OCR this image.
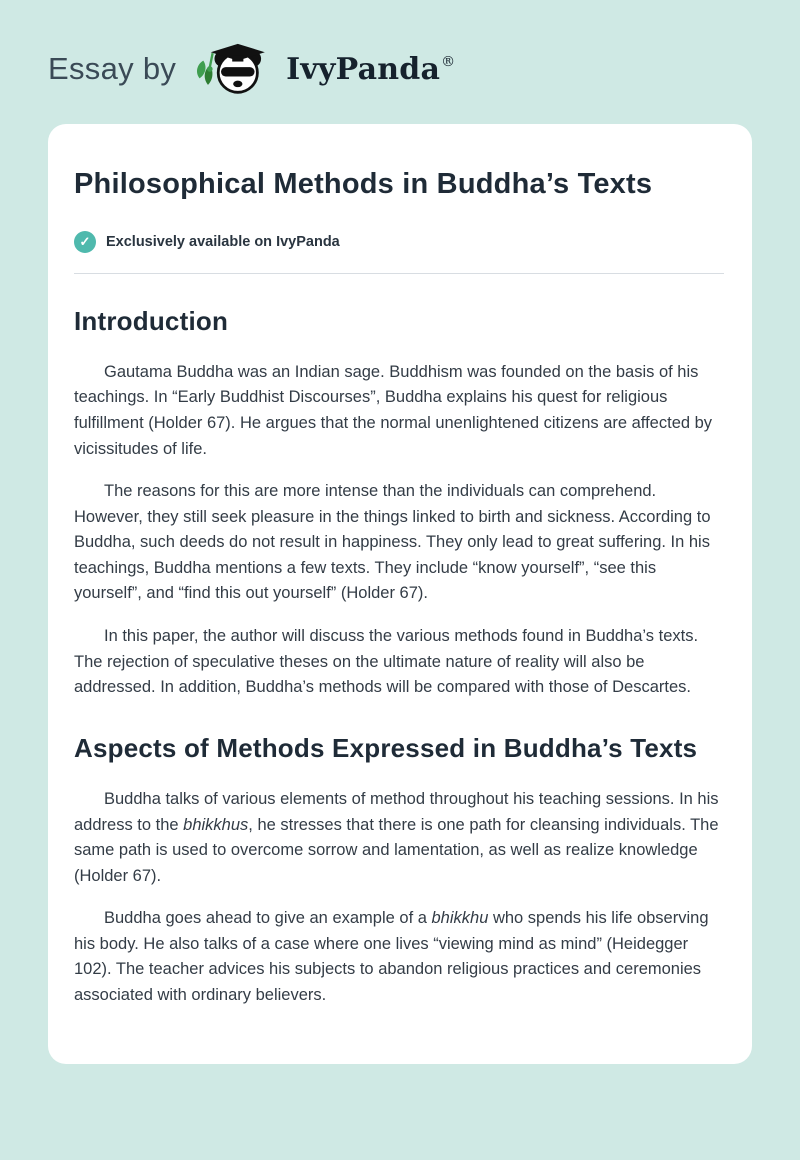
Essay by	IvyPanda®
Philosophical Methods in Buddha’s Texts
✓	Exclusively available on IvyPanda
Introduction

Gautama Buddha was an Indian sage. Buddhism was founded on the basis of his teachings. In “Early Buddhist Discourses”, Buddha explains his quest for religious fulfillment (Holder 67). He argues that the normal unenlightened citizens are affected by vicissitudes of life.

The reasons for this are more intense than the individuals can comprehend. However, they still seek pleasure in the things linked to birth and sickness. According to Buddha, such deeds do not result in happiness. They only lead to great suffering. In his teachings, Buddha mentions a few texts. They include “know yourself”, “see this yourself”, and “find this out yourself” (Holder 67).

In this paper, the author will discuss the various methods found in Buddha’s texts. The rejection of speculative theses on the ultimate nature of reality will also be addressed. In addition, Buddha’s methods will be compared with those of Descartes.

Aspects of Methods Expressed in Buddha’s Texts

Buddha talks of various elements of method throughout his teaching sessions. In his address to the bhikkhus, he stresses that there is one path for cleansing individuals. The same path is used to overcome sorrow and lamentation, as well as realize knowledge (Holder 67).

Buddha goes ahead to give an example of a bhikkhu who spends his life observing his body. He also talks of a case where one lives “viewing mind as mind” (Heidegger 102). The teacher advices his subjects to abandon religious practices and ceremonies associated with ordinary believers.
